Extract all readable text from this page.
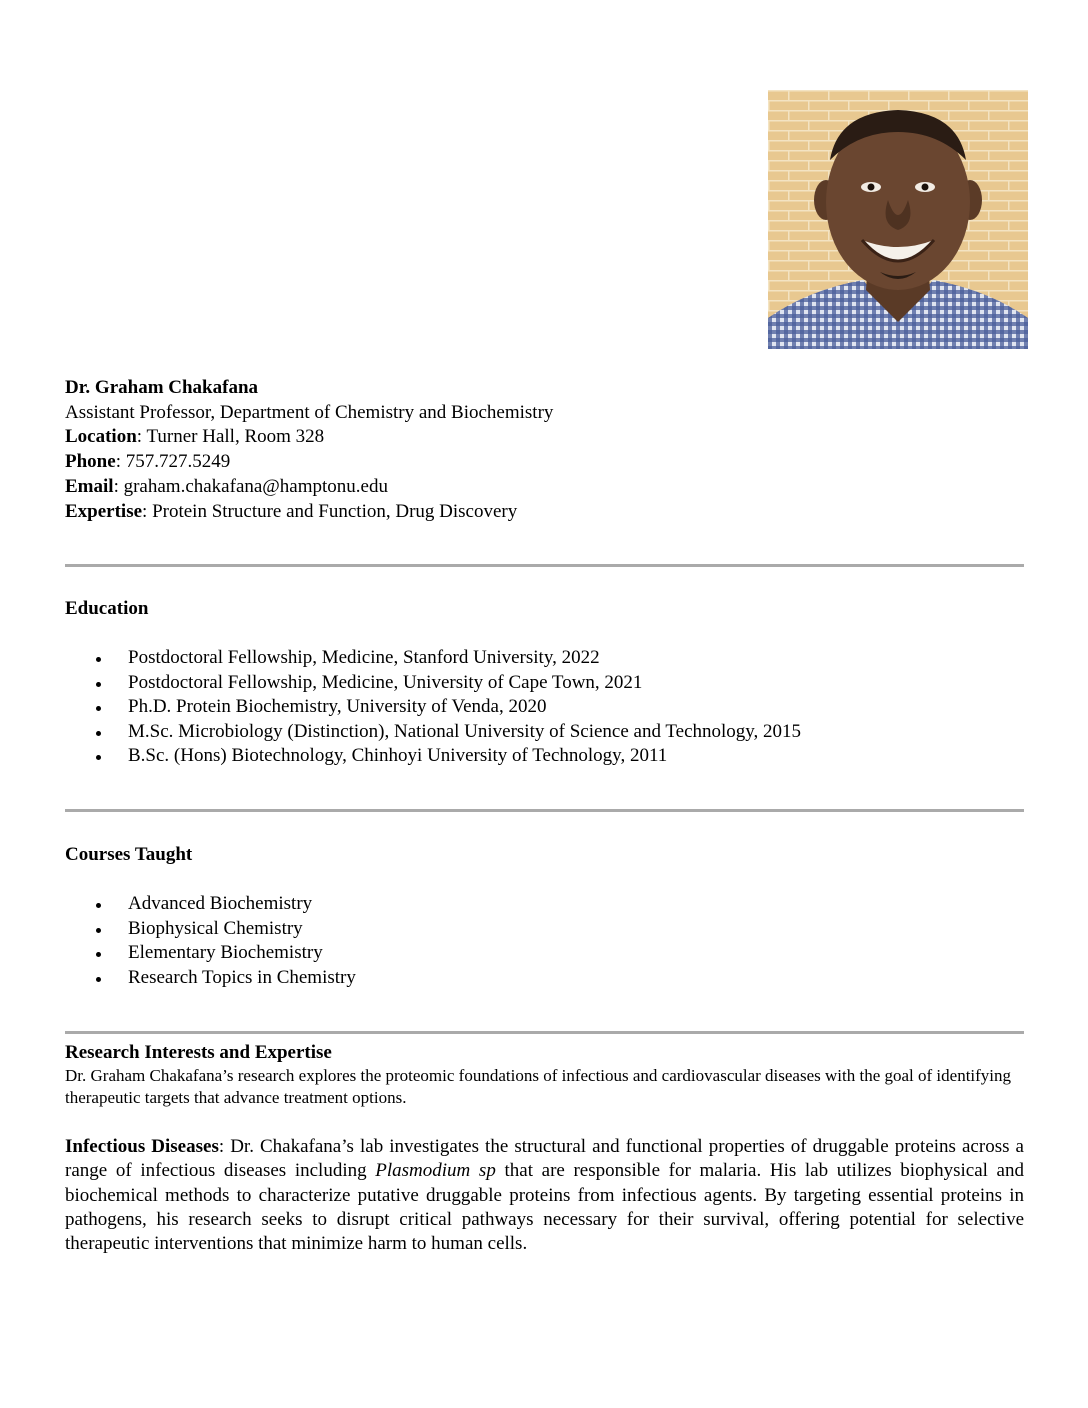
Dr. Graham Chakafana
Assistant Professor, Department of Chemistry and Biochemistry
Location: Turner Hall, Room 328
Phone: 757.727.5249
Email: graham.chakafana@hamptonu.edu
Expertise: Protein Structure and Function, Drug Discovery
Education
Postdoctoral Fellowship, Medicine, Stanford University, 2022
Postdoctoral Fellowship, Medicine, University of Cape Town, 2021
Ph.D. Protein Biochemistry, University of Venda, 2020
M.Sc. Microbiology (Distinction), National University of Science and Technology, 2015
B.Sc. (Hons) Biotechnology, Chinhoyi University of Technology, 2011
Courses Taught
Advanced Biochemistry
Biophysical Chemistry
Elementary Biochemistry
Research Topics in Chemistry
Research Interests and Expertise
Dr. Graham Chakafana’s research explores the proteomic foundations of infectious and cardiovascular diseases with the goal of identifying therapeutic targets that advance treatment options.
Infectious Diseases: Dr. Chakafana’s lab investigates the structural and functional properties of druggable proteins across a range of infectious diseases including Plasmodium sp that are responsible for malaria. His lab utilizes biophysical and biochemical methods to characterize putative druggable proteins from infectious agents. By targeting essential proteins in pathogens, his research seeks to disrupt critical pathways necessary for their survival, offering potential for selective therapeutic interventions that minimize harm to human cells.
